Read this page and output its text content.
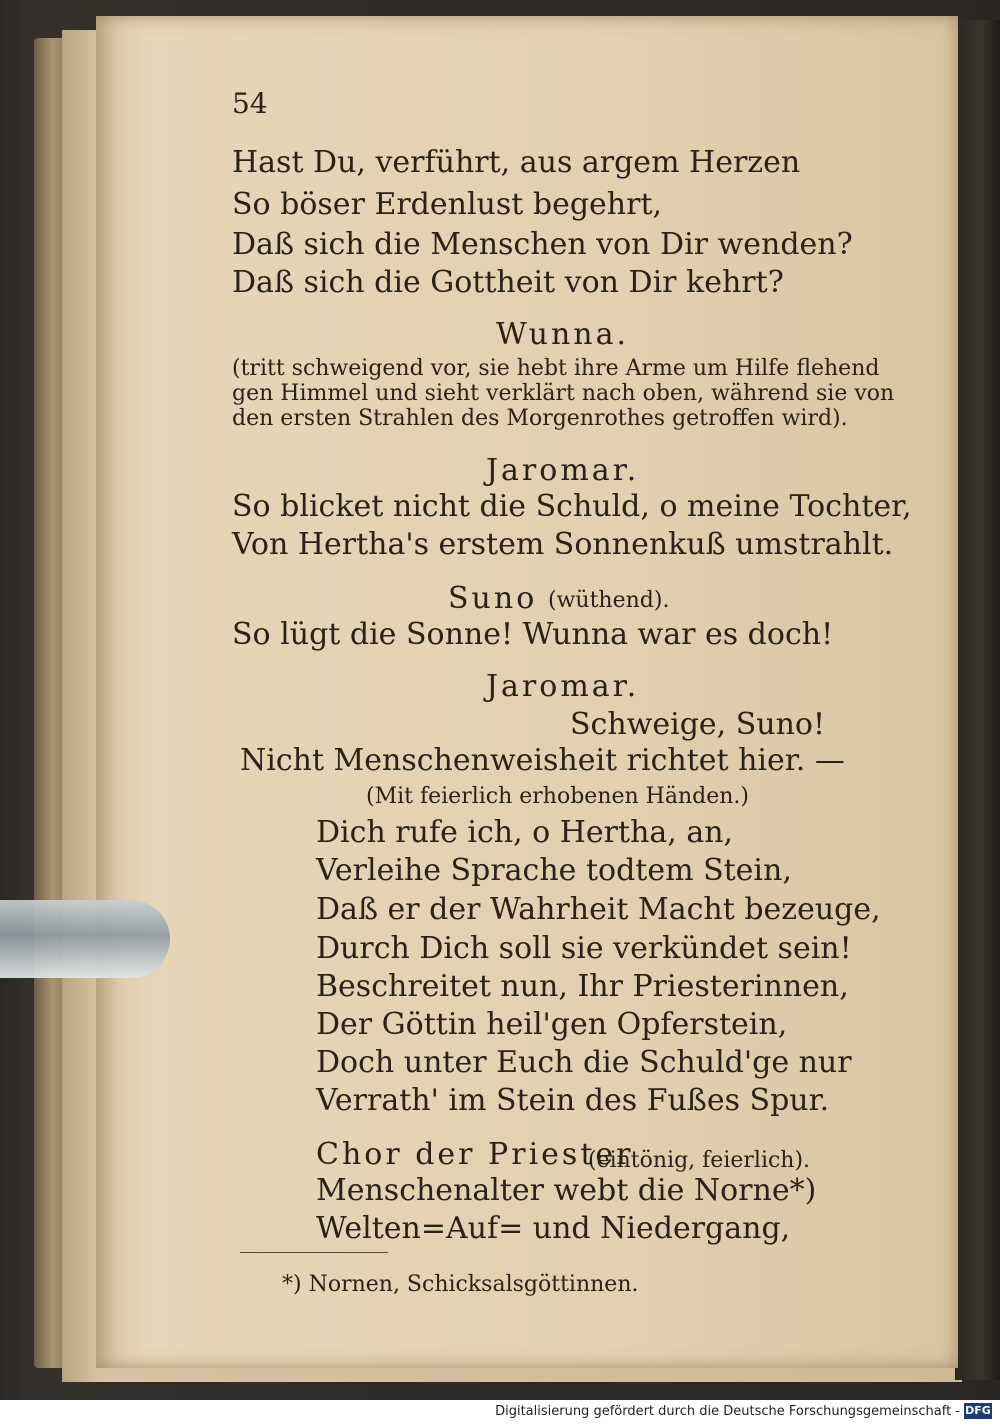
54
Hast Du, verführt, aus argem Herzen
So böser Erdenlust begehrt,
Daß sich die Menschen von Dir wenden?
Daß sich die Gottheit von Dir kehrt?
Wunna.
(tritt schweigend vor, sie hebt ihre Arme um Hilfe flehend
gen Himmel und sieht verklärt nach oben, während sie von
den ersten Strahlen des Morgenrothes getroffen wird).
Jaromar.
So blicket nicht die Schuld, o meine Tochter,
Von Hertha's erstem Sonnenkuß umstrahlt.
Suno (wüthend).
So lügt die Sonne! Wunna war es doch!
Jaromar.
Schweige, Suno!
Nicht Menschenweisheit richtet hier. —
(Mit feierlich erhobenen Händen.)
Dich rufe ich, o Hertha, an,
Verleihe Sprache todtem Stein,
Daß er der Wahrheit Macht bezeuge,
Durch Dich soll sie verkündet sein!
Beschreitet nun, Ihr Priesterinnen,
Der Göttin heil'gen Opferstein,
Doch unter Euch die Schuld'ge nur
Verrath' im Stein des Fußes Spur.
Chor der Priester
(eintönig, feierlich).
Menschenalter webt die Norne*)
Welten=Auf= und Niedergang,
*) Nornen, Schicksalsgöttinnen.
Digitalisierung gefördert durch die Deutsche Forschungsgemeinschaft - DFG
